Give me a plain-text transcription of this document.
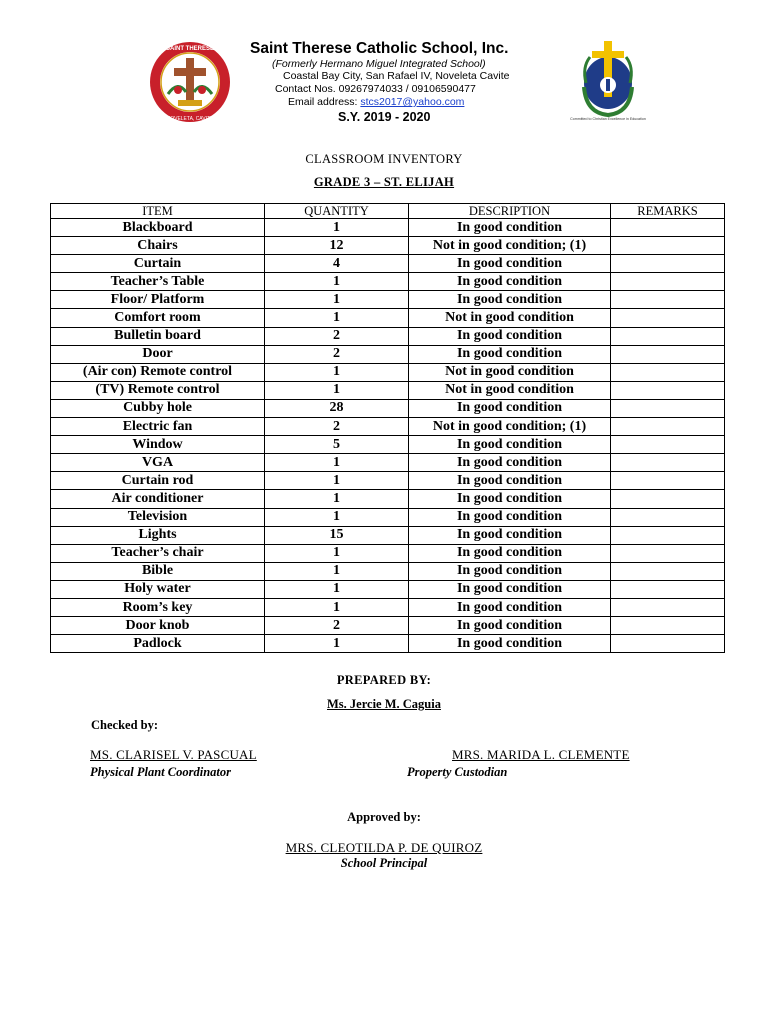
SAINT THERESE
NOVELETA, CAVITE
Saint Therese Catholic School, Inc.
(Formerly Hermano Miguel Integrated School)
Coastal Bay City, San Rafael IV, Noveleta Cavite
Contact Nos. 09267974033 / 09106590477
Email address: stcs2017@yahoo.com
S.Y. 2019 - 2020	Committed to Christian Excellence in Education
CLASSROOM INVENTORY
GRADE 3 – ST. ELIJAH
ITEM	QUANTITY	DESCRIPTION	REMARKS
Blackboard	1	In good condition	
Chairs	12	Not in good condition; (1)	
Curtain	4	In good condition	
Teacher’s Table	1	In good condition	
Floor/ Platform	1	In good condition	
Comfort room	1	Not in good condition	
Bulletin board	2	In good condition	
Door	2	In good condition	
(Air con) Remote control	1	Not in good condition	
(TV) Remote control	1	Not in good condition	
Cubby hole	28	In good condition	
Electric fan	2	Not in good condition; (1)	
Window	5	In good condition	
VGA	1	In good condition	
Curtain rod	1	In good condition	
Air conditioner	1	In good condition	
Television	1	In good condition	
Lights	15	In good condition	
Teacher’s chair	1	In good condition	
Bible	1	In good condition	
Holy water	1	In good condition	
Room’s key	1	In good condition	
Door knob	2	In good condition	
Padlock	1	In good condition	
PREPARED BY:
Ms. Jercie M. Caguia
Checked by:
MS. CLARISEL V. PASCUAL
Physical Plant Coordinator
MRS. MARIDA L. CLEMENTE
Property Custodian
Approved by:
MRS. CLEOTILDA P. DE QUIROZ
School Principal
